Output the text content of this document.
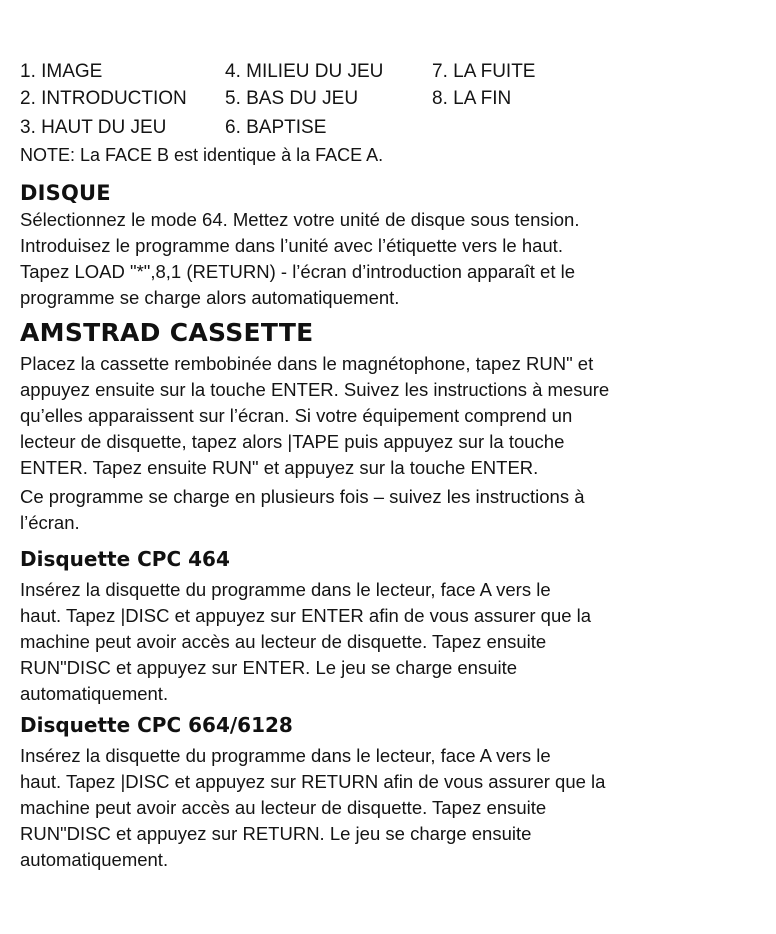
1. IMAGE
2. INTRODUCTION
3. HAUT DU JEU
4. MILIEU DU JEU
5. BAS DU JEU
6. BAPTISE
7. LA FUITE
8. LA FIN
NOTE: La FACE B est identique à la FACE A.
DISQUE
Sélectionnez le mode 64. Mettez votre unité de disque sous tension.
Introduisez le programme dans l’unité avec l’étiquette vers le haut.
Tapez LOAD "*",8,1 (RETURN) - l’écran d’introduction apparaît et le
programme se charge alors automatiquement.
AMSTRAD CASSETTE
Placez la cassette rembobinée dans le magnétophone, tapez RUN" et
appuyez ensuite sur la touche ENTER. Suivez les instructions à mesure
qu’elles apparaissent sur l’écran. Si votre équipement comprend un
lecteur de disquette, tapez alors |TAPE puis appuyez sur la touche
ENTER. Tapez ensuite RUN" et appuyez sur la touche ENTER.
Ce programme se charge en plusieurs fois – suivez les instructions à
l’écran.
Disquette CPC 464
Insérez la disquette du programme dans le lecteur, face A vers le
haut. Tapez |DISC et appuyez sur ENTER afin de vous assurer que la
machine peut avoir accès au lecteur de disquette. Tapez ensuite
RUN"DISC et appuyez sur ENTER. Le jeu se charge ensuite
automatiquement.
Disquette CPC 664/6128
Insérez la disquette du programme dans le lecteur, face A vers le
haut. Tapez |DISC et appuyez sur RETURN afin de vous assurer que la
machine peut avoir accès au lecteur de disquette. Tapez ensuite
RUN"DISC et appuyez sur RETURN. Le jeu se charge ensuite
automatiquement.
